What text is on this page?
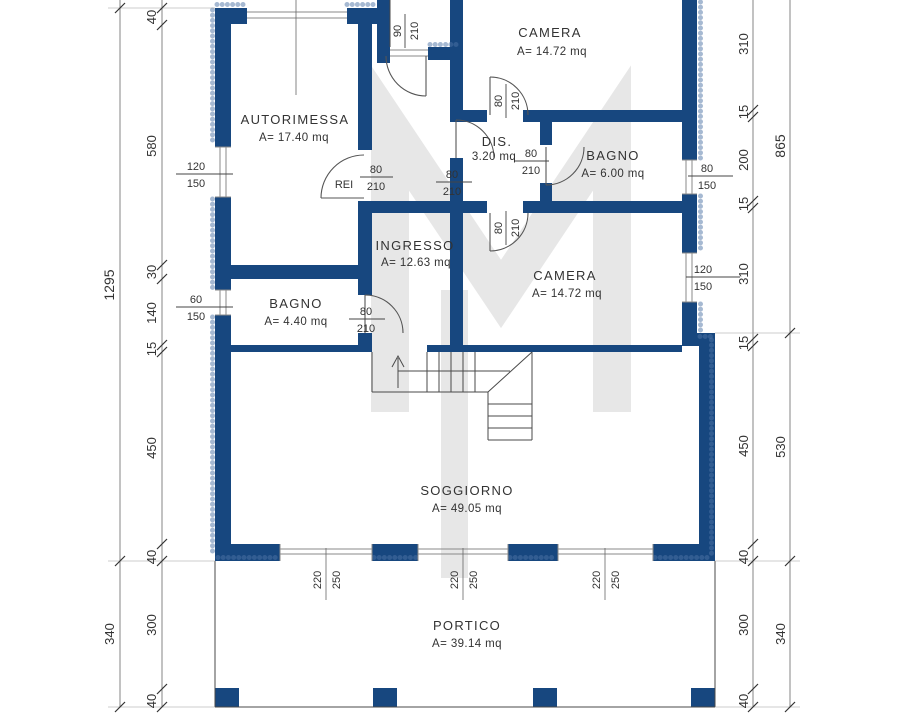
1295
340
40
580
30
140
15
450
40
300
40
310
15
200
15
310
15
450
40
300
40
865
530
340
220 250	220 250	220 250
120
150
60
150
80
150
120
150
REI
80
210
90 210
80 210
80
210
80
210
80 210
80
210
AUTORIMESSA
A= 17.40 mq
CAMERA
A= 14.72 mq
DIS.
3.20 mq	BAGNO
A= 6.00 mq
INGRESSO
A= 12.63 mq
CAMERA
A= 14.72 mq
BAGNO
A= 4.40 mq
SOGGIORNO
A= 49.05 mq
PORTICO
A= 39.14 mq
